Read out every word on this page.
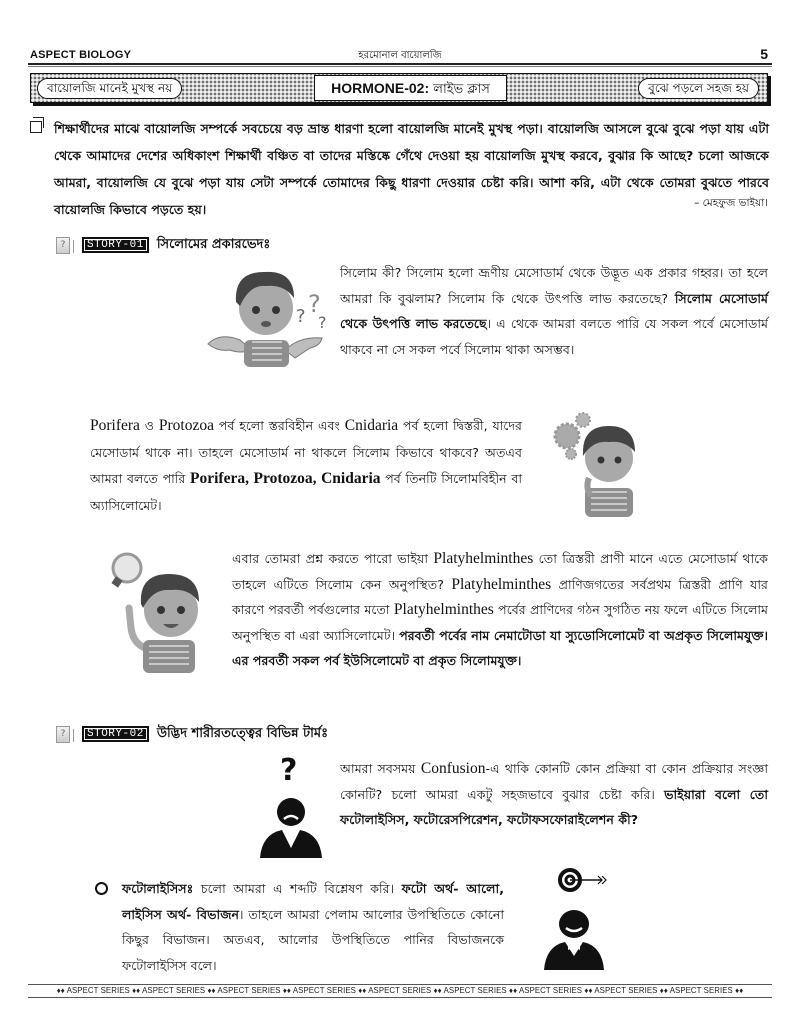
ASPECT BIOLOGY	হরমোনাল বায়োলজি	5
বায়োলজি মানেই মুখস্থ নয়	HORMONE-02: লাইভ ক্লাস	বুঝে পড়লে সহজ হয়
শিক্ষার্থীদের মাঝে বায়োলজি সম্পর্কে সবচেয়ে বড় ভ্রান্ত ধারণা হলো বায়োলজি মানেই মুখস্থ পড়া। বায়োলজি আসলে বুঝে বুঝে পড়া যায় এটা থেকে আমাদের দেশের অধিকাংশ শিক্ষার্থী বঞ্চিত বা তাদের মস্তিষ্কে গেঁথে দেওয়া হয় বায়োলজি মুখস্থ করবে, বুঝার কি আছে? চলো আজকে আমরা, বায়োলজি যে বুঝে পড়া যায় সেটা সম্পর্কে তোমাদের কিছু ধারণা দেওয়ার চেষ্টা করি। আশা করি, এটা থেকে তোমরা বুঝতে পারবে বায়োলজি কিভাবে পড়তে হয়।	– মেহফুজ ভাইয়া।
?	STORY-01	সিলোমের প্রকারভেদঃ
? ?
?
সিলোম কী? সিলোম হলো ভ্রূণীয় মেসোডার্ম থেকে উদ্ভূত এক প্রকার গহ্বর। তা হলে আমরা কি বুঝলাম? সিলোম কি থেকে উৎপত্তি লাভ করতেছে? সিলোম মেসোডার্ম থেকে উৎপত্তি লাভ করতেছে। এ থেকে আমরা বলতে পারি যে সকল পর্বে মেসোডার্ম থাকবে না সে সকল পর্বে সিলোম থাকা অসম্ভব।
Porifera ও Protozoa পর্ব হলো স্তরবিহীন এবং Cnidaria পর্ব হলো দ্বিস্তরী, যাদের মেসোডার্ম থাকে না। তাহলে মেসোডার্ম না থাকলে সিলোম কিভাবে থাকবে? অতএব আমরা বলতে পারি Porifera, Protozoa, Cnidaria পর্ব তিনটি সিলোমবিহীন বা অ্যাসিলোমেট।
এবার তোমরা প্রশ্ন করতে পারো ভাইয়া Platyhelminthes তো ত্রিস্তরী প্রাণী মানে এতে মেসোডার্ম থাকে তাহলে এটিতে সিলোম কেন অনুপস্থিত? Platyhelminthes প্রাণিজগতের সর্বপ্রথম ত্রিস্তরী প্রাণি যার কারণে পরবর্তী পর্বগুলোর মতো Platyhelminthes পর্বের প্রাণিদের গঠন সুগঠিত নয় ফলে এটিতে সিলোম অনুপস্থিত বা এরা অ্যাসিলোমেট। পরবর্তী পর্বের নাম নেমাটোডা যা স্যুডোসিলোমেট বা অপ্রকৃত সিলোমযুক্ত। এর পরবর্তী সকল পর্ব ইউসিলোমেট বা প্রকৃত সিলোমযুক্ত।
?	STORY-02	উদ্ভিদ শারীরতত্ত্বের বিভিন্ন টার্মঃ
?	আমরা সবসময় Confusion-এ থাকি কোনটি কোন প্রক্রিয়া বা কোন প্রক্রিয়ার সংজ্ঞা কোনটি? চলো আমরা একটু সহজভাবে বুঝার চেষ্টা করি। ভাইয়ারা বলো তো ফটোলাইসিস, ফটোরেসপিরেশন, ফটোফসফোরাইলেশন কী?
ফটোলাইসিসঃ চলো আমরা এ শব্দটি বিশ্লেষণ করি। ফটো অর্থ- আলো, লাইসিস অর্থ- বিভাজন। তাহলে আমরা পেলাম আলোর উপস্থিতিতে কোনো কিছুর বিভাজন। অতএব, আলোর উপস্থিতিতে পানির বিভাজনকে ফটোলাইসিস বলে।
♦♦ ASPECT SERIES ♦♦ ASPECT SERIES ♦♦ ASPECT SERIES ♦♦ ASPECT SERIES ♦♦ ASPECT SERIES ♦♦ ASPECT SERIES ♦♦ ASPECT SERIES ♦♦ ASPECT SERIES ♦♦ ASPECT SERIES ♦♦
